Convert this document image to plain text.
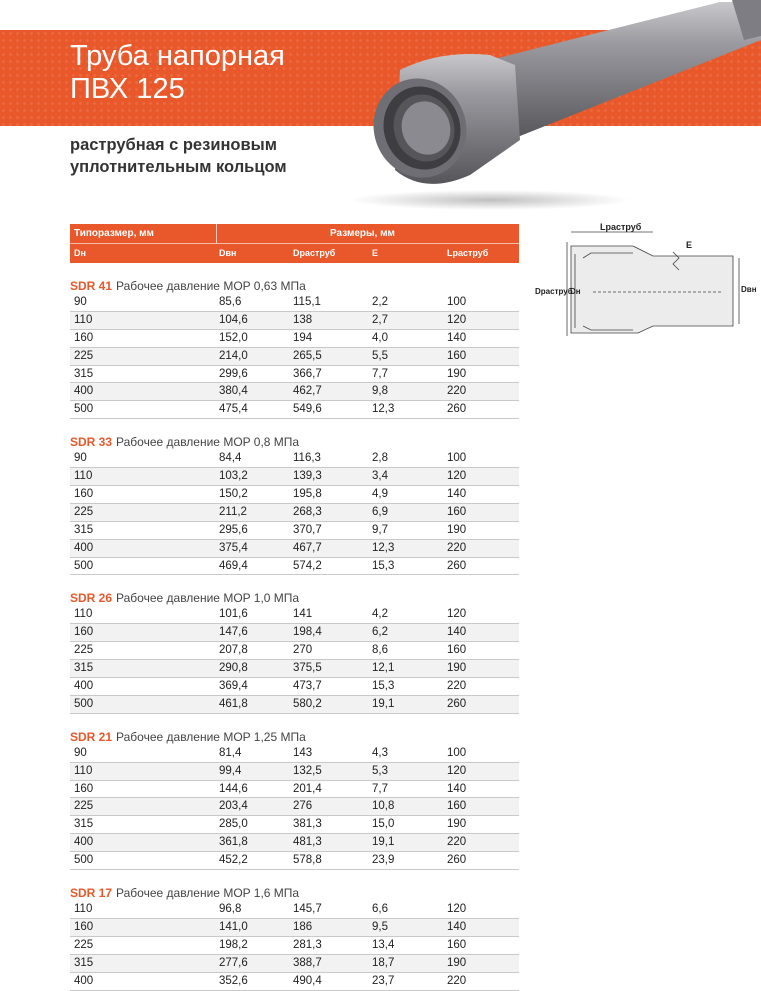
Труба напорная
ПВХ 125
раструбная с резиновым
уплотнительным кольцом
Lраструб
E
Dраструб
Dн	Dвн
Типоразмер, мм	Размеры, мм
Dн	Dвн	Dраструб	E	Lраструб
SDR 41 Рабочее давление MOP 0,63 МПа
90	85,6	115,1	2,2	100
110	104,6	138	2,7	120
160	152,0	194	4,0	140
225	214,0	265,5	5,5	160
315	299,6	366,7	7,7	190
400	380,4	462,7	9,8	220
500	475,4	549,6	12,3	260
SDR 33 Рабочее давление MOP 0,8 МПа
90	84,4	116,3	2,8	100
110	103,2	139,3	3,4	120
160	150,2	195,8	4,9	140
225	211,2	268,3	6,9	160
315	295,6	370,7	9,7	190
400	375,4	467,7	12,3	220
500	469,4	574,2	15,3	260
SDR 26 Рабочее давление MOP 1,0 МПа
110	101,6	141	4,2	120
160	147,6	198,4	6,2	140
225	207,8	270	8,6	160
315	290,8	375,5	12,1	190
400	369,4	473,7	15,3	220
500	461,8	580,2	19,1	260
SDR 21 Рабочее давление MOP 1,25 МПа
90	81,4	143	4,3	100
110	99,4	132,5	5,3	120
160	144,6	201,4	7,7	140
225	203,4	276	10,8	160
315	285,0	381,3	15,0	190
400	361,8	481,3	19,1	220
500	452,2	578,8	23,9	260
SDR 17 Рабочее давление MOP 1,6 МПа
110	96,8	145,7	6,6	120
160	141,0	186	9,5	140
225	198,2	281,3	13,4	160
315	277,6	388,7	18,7	190
400	352,6	490,4	23,7	220
